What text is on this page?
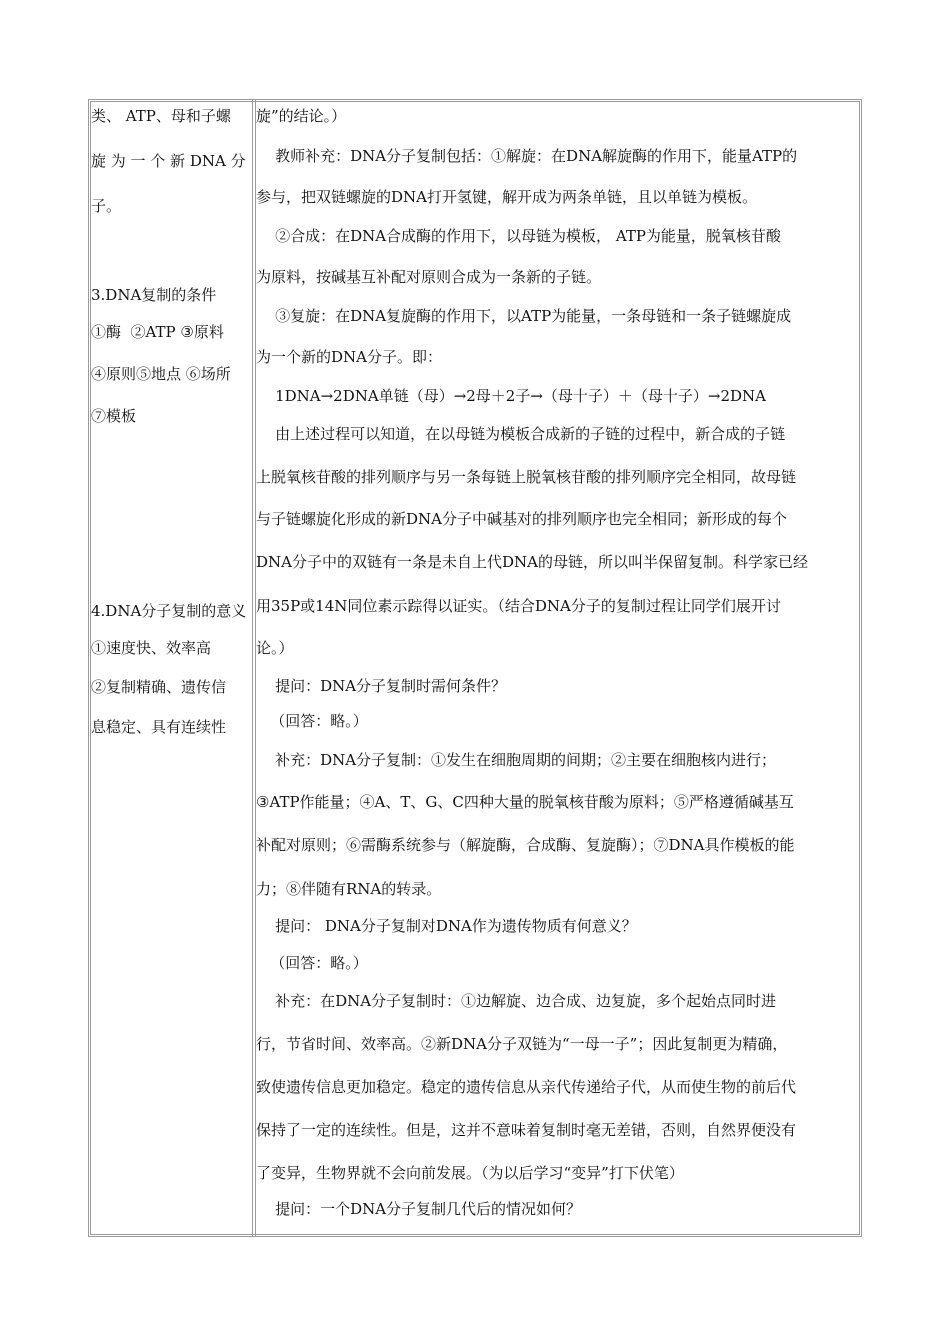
类、 ATP、母和子螺
旋 为 一 个 新 DNA 分
子。
3.DNA复制的条件
①酶  ②ATP ③原料
④原则⑤地点 ⑥场所
⑦模板
4.DNA分子复制的意义
①速度快、效率高
②复制精确、遗传信
息稳定、具有连续性
旋”的结论。）
教师补充：DNA分子复制包括：①解旋：在DNA解旋酶的作用下，能量ATP的
参与，把双链螺旋的DNA打开氢键，解开成为两条单链，且以单链为模板。
②合成：在DNA合成酶的作用下，以母链为模板， ATP为能量，脱氧核苷酸
为原料，按碱基互补配对原则合成为一条新的子链。
③复旋：在DNA复旋酶的作用下，以ATP为能量，一条母链和一条子链螺旋成
为一个新的DNA分子。即：
1DNA→2DNA单链（母）→2母＋2子→（母十子）＋（母十子）→2DNA
由上述过程可以知道，在以母链为模板合成新的子链的过程中，新合成的子链
上脱氧核苷酸的排列顺序与另一条每链上脱氧核苷酸的排列顺序完全相同，故母链
与子链螺旋化形成的新DNA分子中碱基对的排列顺序也完全相同；新形成的每个
DNA分子中的双链有一条是未自上代DNA的母链，所以叫半保留复制。科学家已经
用35P或14N同位素示踪得以证实。（结合DNA分子的复制过程让同学们展开讨
论。）
提问：DNA分子复制时需何条件？
（回答：略。）
补充：DNA分子复制：①发生在细胞周期的间期；②主要在细胞核内进行；
③ATP作能量；④A、T、G、C四种大量的脱氧核苷酸为原料；⑤严格遵循碱基互
补配对原则；⑥需酶系统参与（解旋酶，合成酶、复旋酶）；⑦DNA具作模板的能
力；⑧伴随有RNA的转录。
提问： DNA分子复制对DNA作为遗传物质有何意义？
（回答：略。）
补充：在DNA分子复制时：①边解旋、边合成、边复旋，多个起始点同时进
行，节省时间、效率高。②新DNA分子双链为“一母一子”；因此复制更为精确，
致使遗传信息更加稳定。稳定的遗传信息从亲代传递给子代，从而使生物的前后代
保持了一定的连续性。但是，这并不意味着复制时毫无差错，否则，自然界便没有
了变异，生物界就不会向前发展。（为以后学习“变异”打下伏笔）
提问：一个DNA分子复制几代后的情况如何？
